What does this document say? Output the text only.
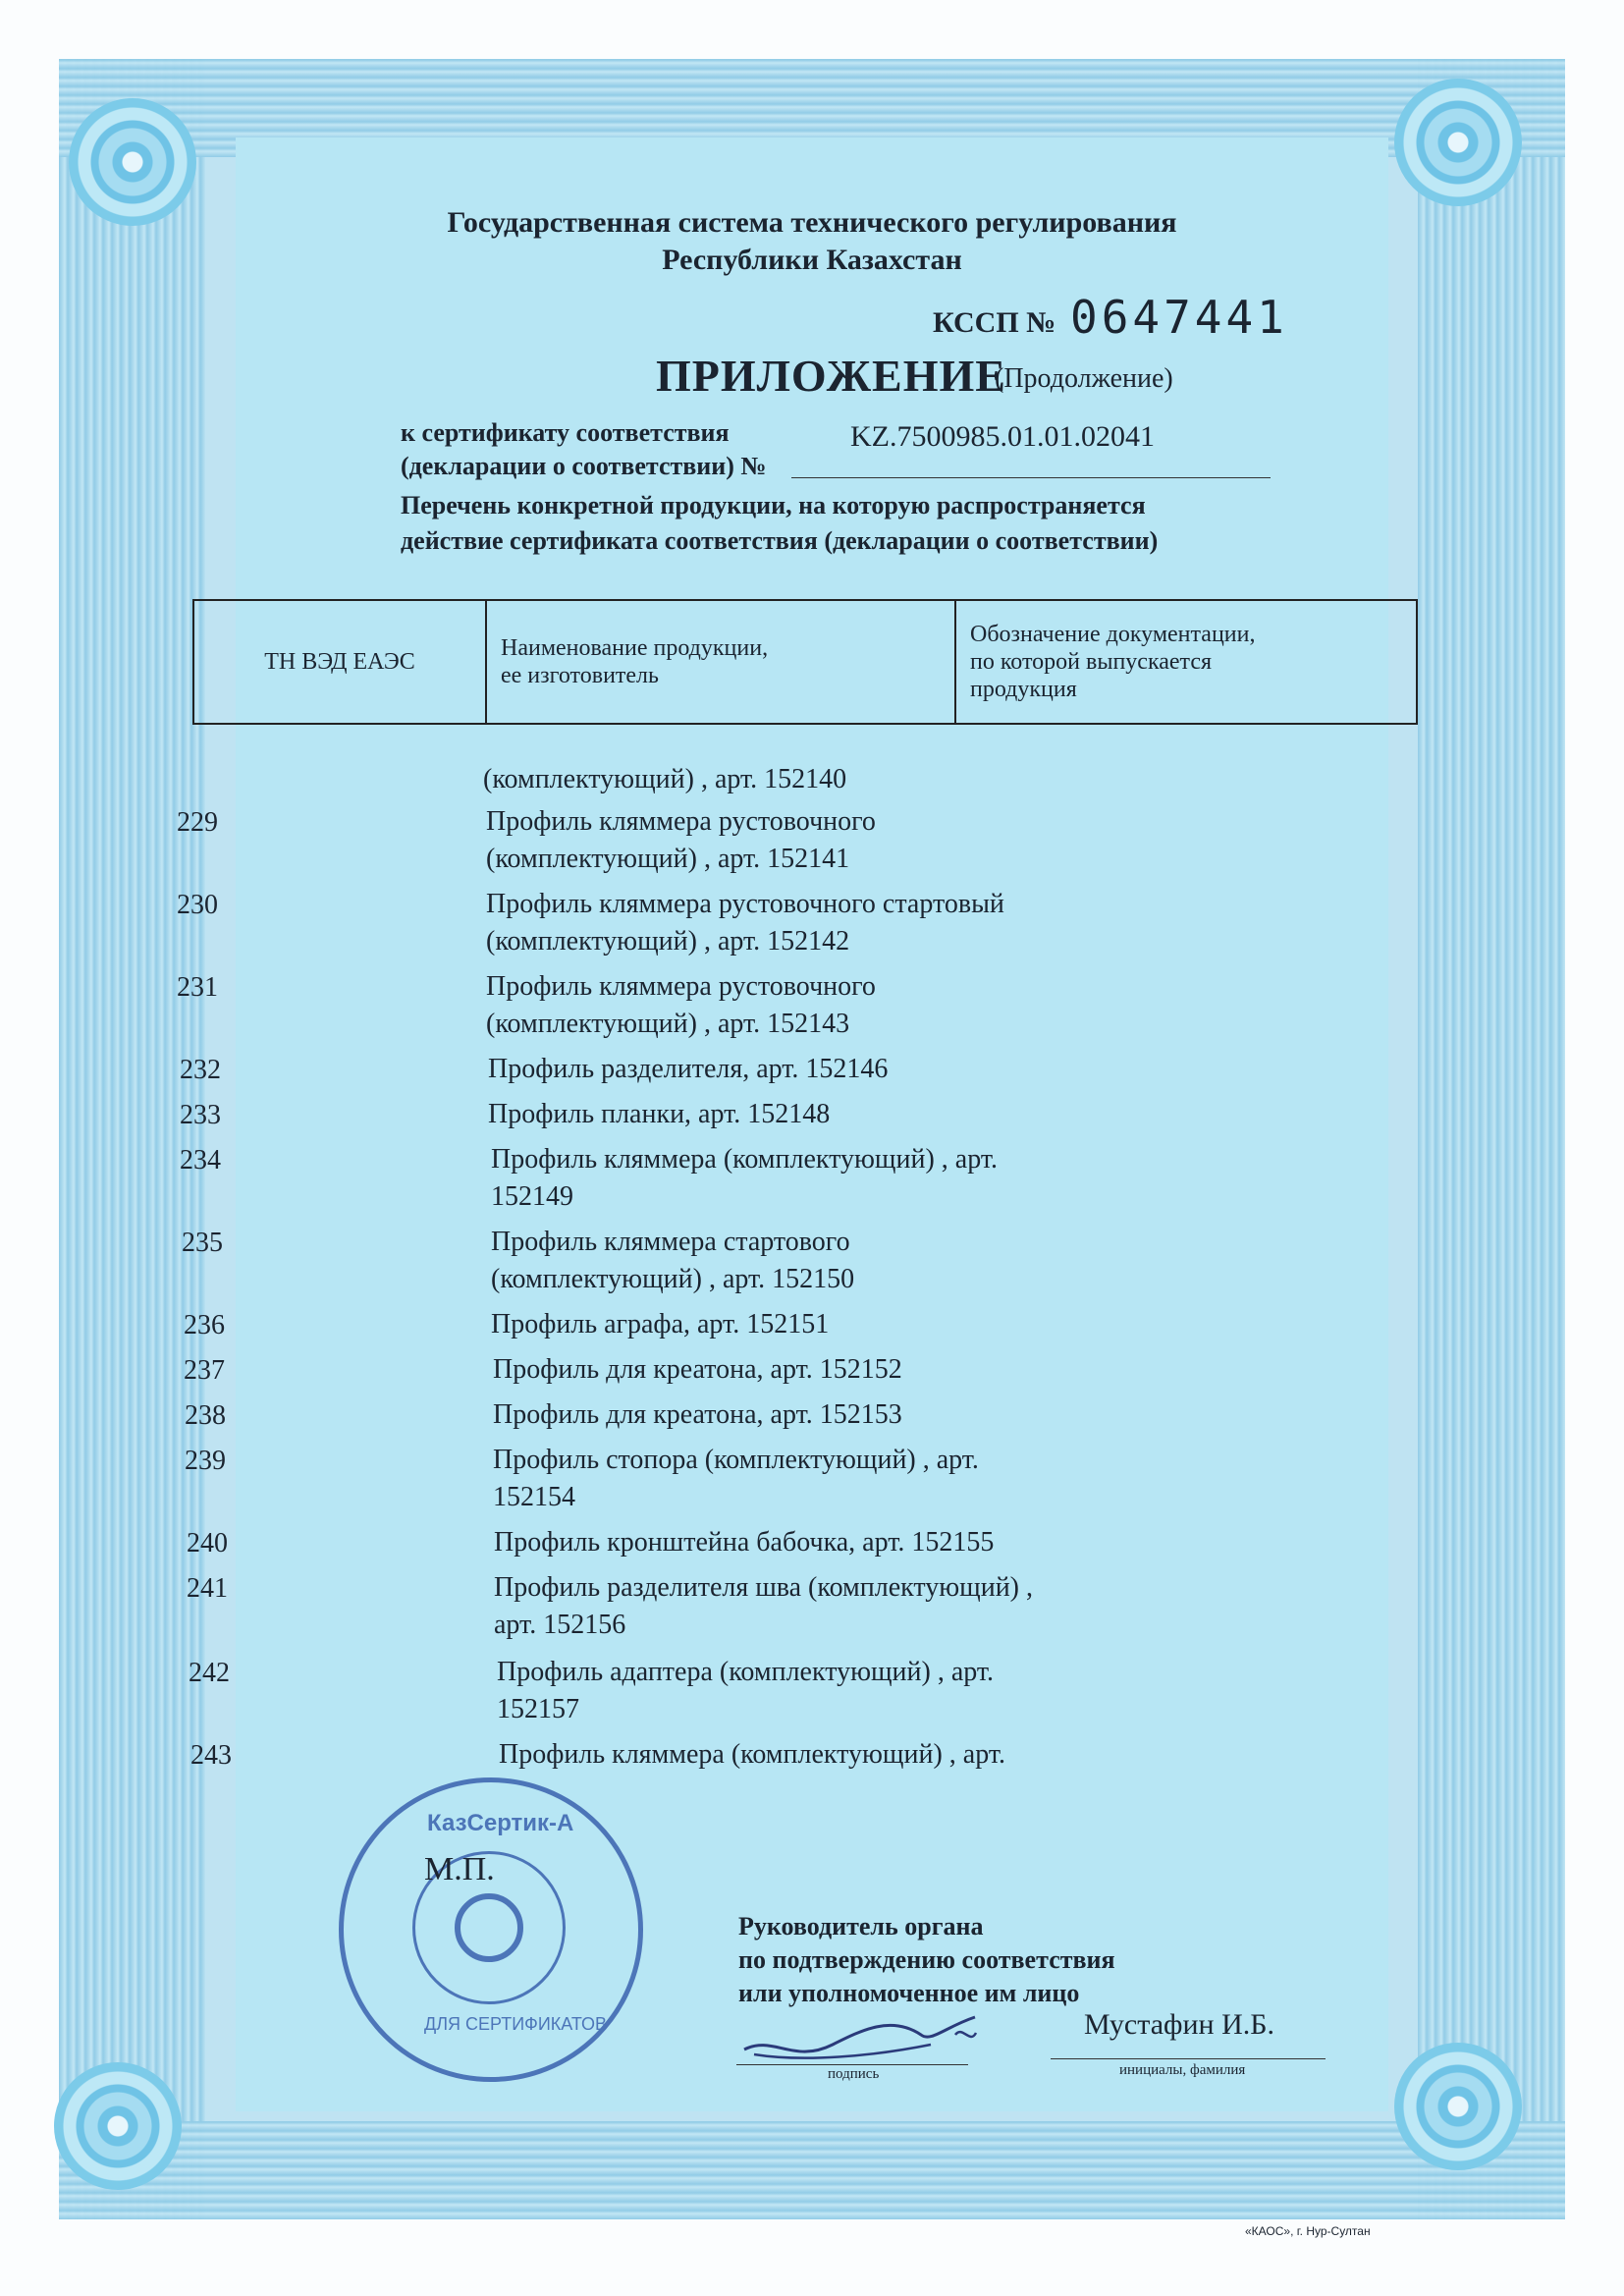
Государственная система технического регулирования
Республики Казахстан
КССП № 0647441
ПРИЛОЖЕНИЕ
(Продолжение)
к сертификату соответствия
(декларации о соответствии) №
KZ.7500985.01.01.02041
Перечень конкретной продукции, на которую распространяется
действие сертификата соответствия (декларации о соответствии)
ТН ВЭД ЕАЭС	
Наименование продукции,
ее изготовитель

Обозначение документации,
по которой выпускается
продукция
(комплектующий) , арт. 152140
229	Профиль кляммера рустовочного
(комплектующий) , арт. 152141
230	Профиль кляммера рустовочного стартовый
(комплектующий) , арт. 152142
231	Профиль кляммера рустовочного
(комплектующий) , арт. 152143
232	Профиль разделителя, арт. 152146
233	Профиль планки, арт. 152148
234	Профиль кляммера (комплектующий) , арт.
152149
235	Профиль кляммера стартового
(комплектующий) , арт. 152150
236	Профиль аграфа, арт. 152151
237	Профиль для креатона, арт. 152152
238	Профиль для креатона, арт. 152153
239	Профиль стопора (комплектующий) , арт.
152154
240	Профиль кронштейна бабочка, арт. 152155
241	Профиль разделителя шва (комплектующий) ,
арт. 152156
242	Профиль адаптера (комплектующий) , арт.
152157
243	Профиль кляммера (комплектующий) , арт.
КазСертик-А
ДЛЯ СЕРТИФИКАТОВ
М.П.
Руководитель органа
по подтверждению соответствия
или уполномоченное им лицо
Мустафин И.Б.
подпись	инициалы, фамилия
«КАОС», г. Нур-Султан
